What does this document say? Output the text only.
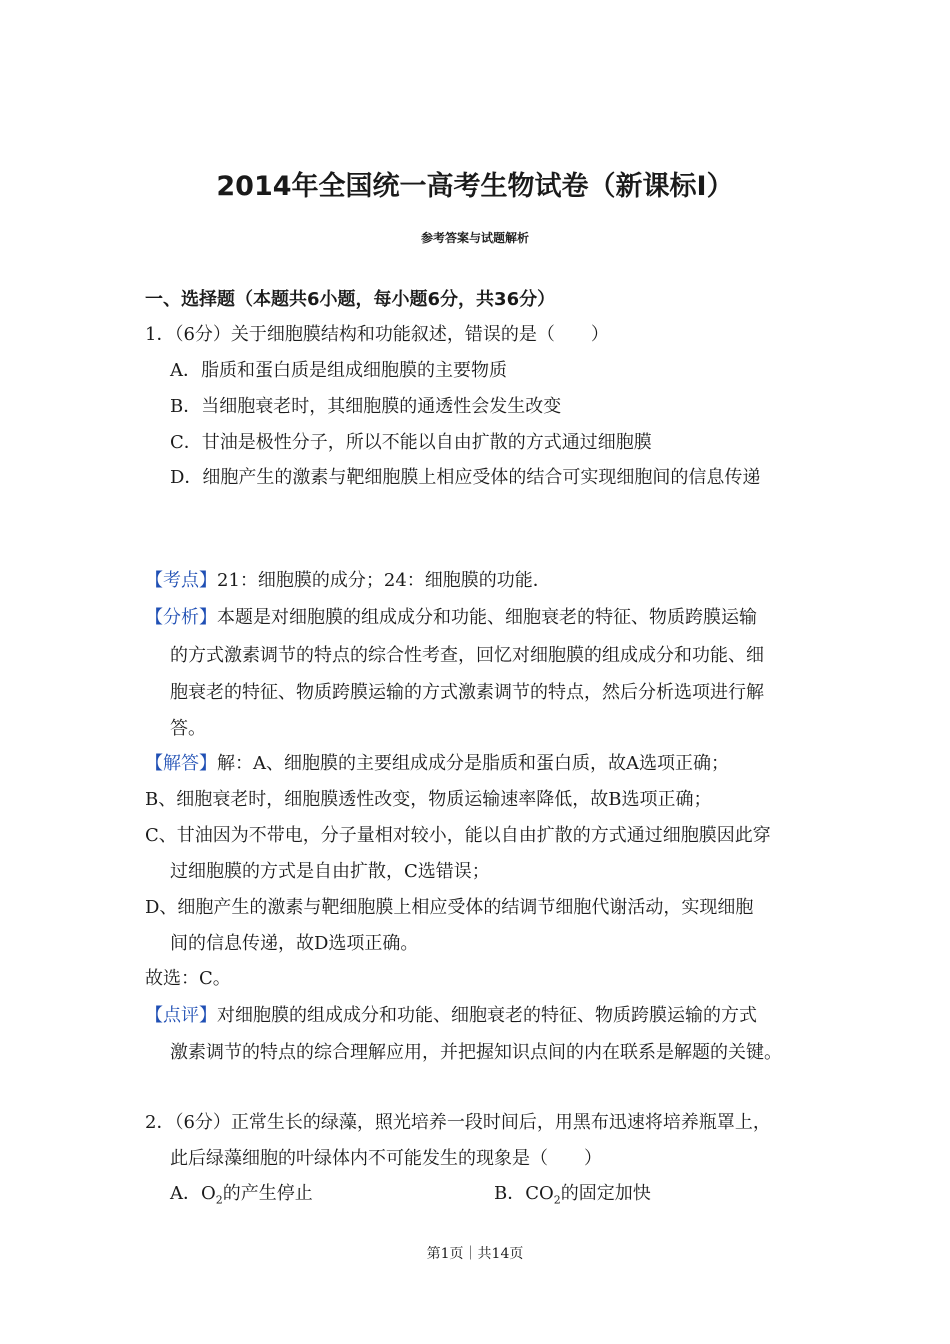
2014年全国统一高考生物试卷（新课标Ⅰ）
参考答案与试题解析
一、选择题（本题共6小题，每小题6分，共36分）
1．（6分）关于细胞膜结构和功能叙述，错误的是（　　）
A．脂质和蛋白质是组成细胞膜的主要物质
B．当细胞衰老时，其细胞膜的通透性会发生改变
C．甘油是极性分子，所以不能以自由扩散的方式通过细胞膜
D．细胞产生的激素与靶细胞膜上相应受体的结合可实现细胞间的信息传递
【考点】21：细胞膜的成分；24：细胞膜的功能．
【分析】本题是对细胞膜的组成成分和功能、细胞衰老的特征、物质跨膜运输
的方式激素调节的特点的综合性考查，回忆对细胞膜的组成成分和功能、细
胞衰老的特征、物质跨膜运输的方式激素调节的特点，然后分析选项进行解
答。
【解答】解：A、细胞膜的主要组成成分是脂质和蛋白质，故A选项正确；
B、细胞衰老时，细胞膜透性改变，物质运输速率降低，故B选项正确；
C、甘油因为不带电，分子量相对较小，能以自由扩散的方式通过细胞膜因此穿
过细胞膜的方式是自由扩散，C选错误；
D、细胞产生的激素与靶细胞膜上相应受体的结调节细胞代谢活动，实现细胞
间的信息传递，故D选项正确。
故选：C。
【点评】对细胞膜的组成成分和功能、细胞衰老的特征、物质跨膜运输的方式
激素调节的特点的综合理解应用，并把握知识点间的内在联系是解题的关键。
2．（6分）正常生长的绿藻，照光培养一段时间后，用黑布迅速将培养瓶罩上，
此后绿藻细胞的叶绿体内不可能发生的现象是（　　）
A．$O_2$的产生停止	B．$CO_2$的固定加快
第1页｜共14页
